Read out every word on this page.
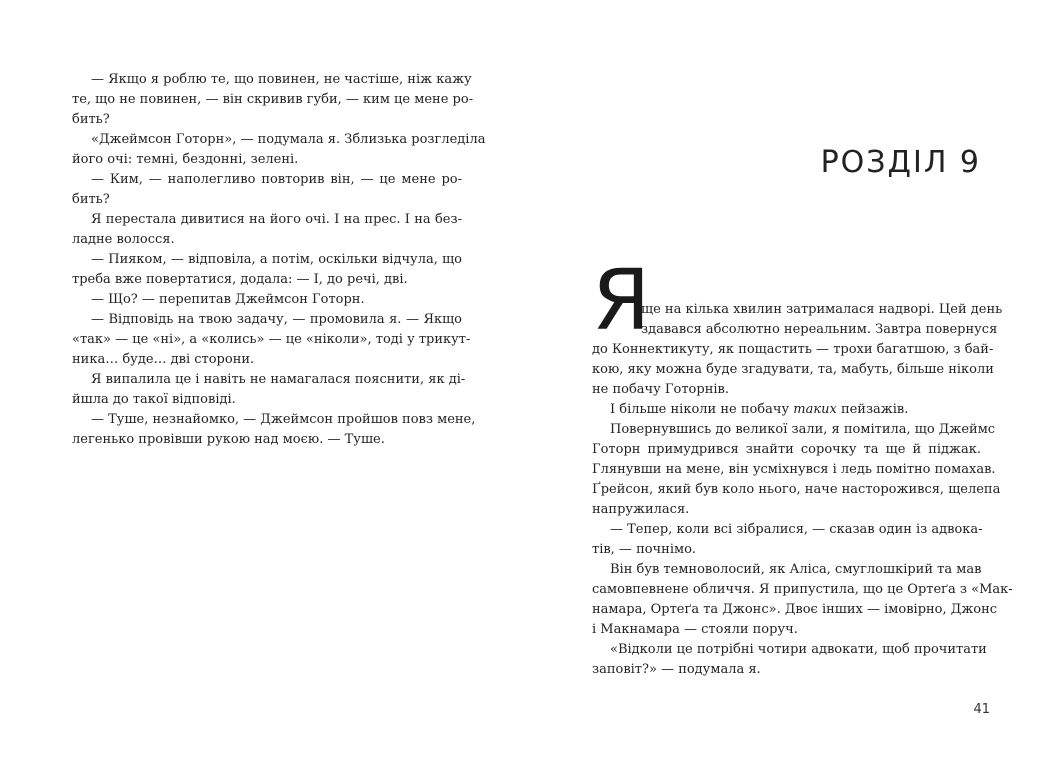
— Якщо я роблю те, що повинен, не частіше, ніж кажу
те, що не повинен, — він скривив губи, — ким це мене ро-
бить?
«Джеймсон Готорн», — подумала я. Зблизька розгледіла
його очі: темні, бездонні, зелені.
— Ким, — наполегливо повторив він, — це мене ро-
бить?
Я перестала дивитися на його очі. І на прес. І на без-
ладне волосся.
— Пияком, — відповіла, а потім, оскільки відчула, що
треба вже повертатися, додала: — І, до речі, дві.
— Що? — перепитав Джеймсон Готорн.
— Відповідь на твою задачу, — промовила я. — Якщо
«так» — це «ні», а «колись» — це «ніколи», тоді у трикут-
ника… буде… дві сторони.
Я випалила це і навіть не намагалася пояснити, як ді-
йшла до такої відповіді.
— Туше, незнайомко, — Джеймсон пройшов повз мене,
легенько провівши рукою над моєю. — Туше.
РОЗДІЛ 9
Я
ще на кілька хвилин затрималася надворі. Цей день
здавався абсолютно нереальним. Завтра повернуся
до Коннектикуту, як пощастить — трохи багатшою, з бай-
кою, яку можна буде згадувати, та, мабуть, більше ніколи
не побачу Готорнів.
І більше ніколи не побачу таких пейзажів.
Повернувшись до великої зали, я помітила, що Джеймс
Готорн примудрився знайти сорочку та ще й піджак.
Глянувши на мене, він усміхнувся і ледь помітно помахав.
Ґрейсон, який був коло нього, наче насторожився, щелепа
напружилася.
— Тепер, коли всі зібралися, — сказав один із адвока-
тів, — почнімо.
Він був темноволосий, як Аліса, смуглошкірий та мав
самовпевнене обличчя. Я припустила, що це Ортеґа з «Мак-
намара, Ортеґа та Джонс». Двоє інших — імовірно, Джонс
і Макнамара — стояли поруч.
«Відколи це потрібні чотири адвокати, щоб прочитати
заповіт?» — подумала я.
41
